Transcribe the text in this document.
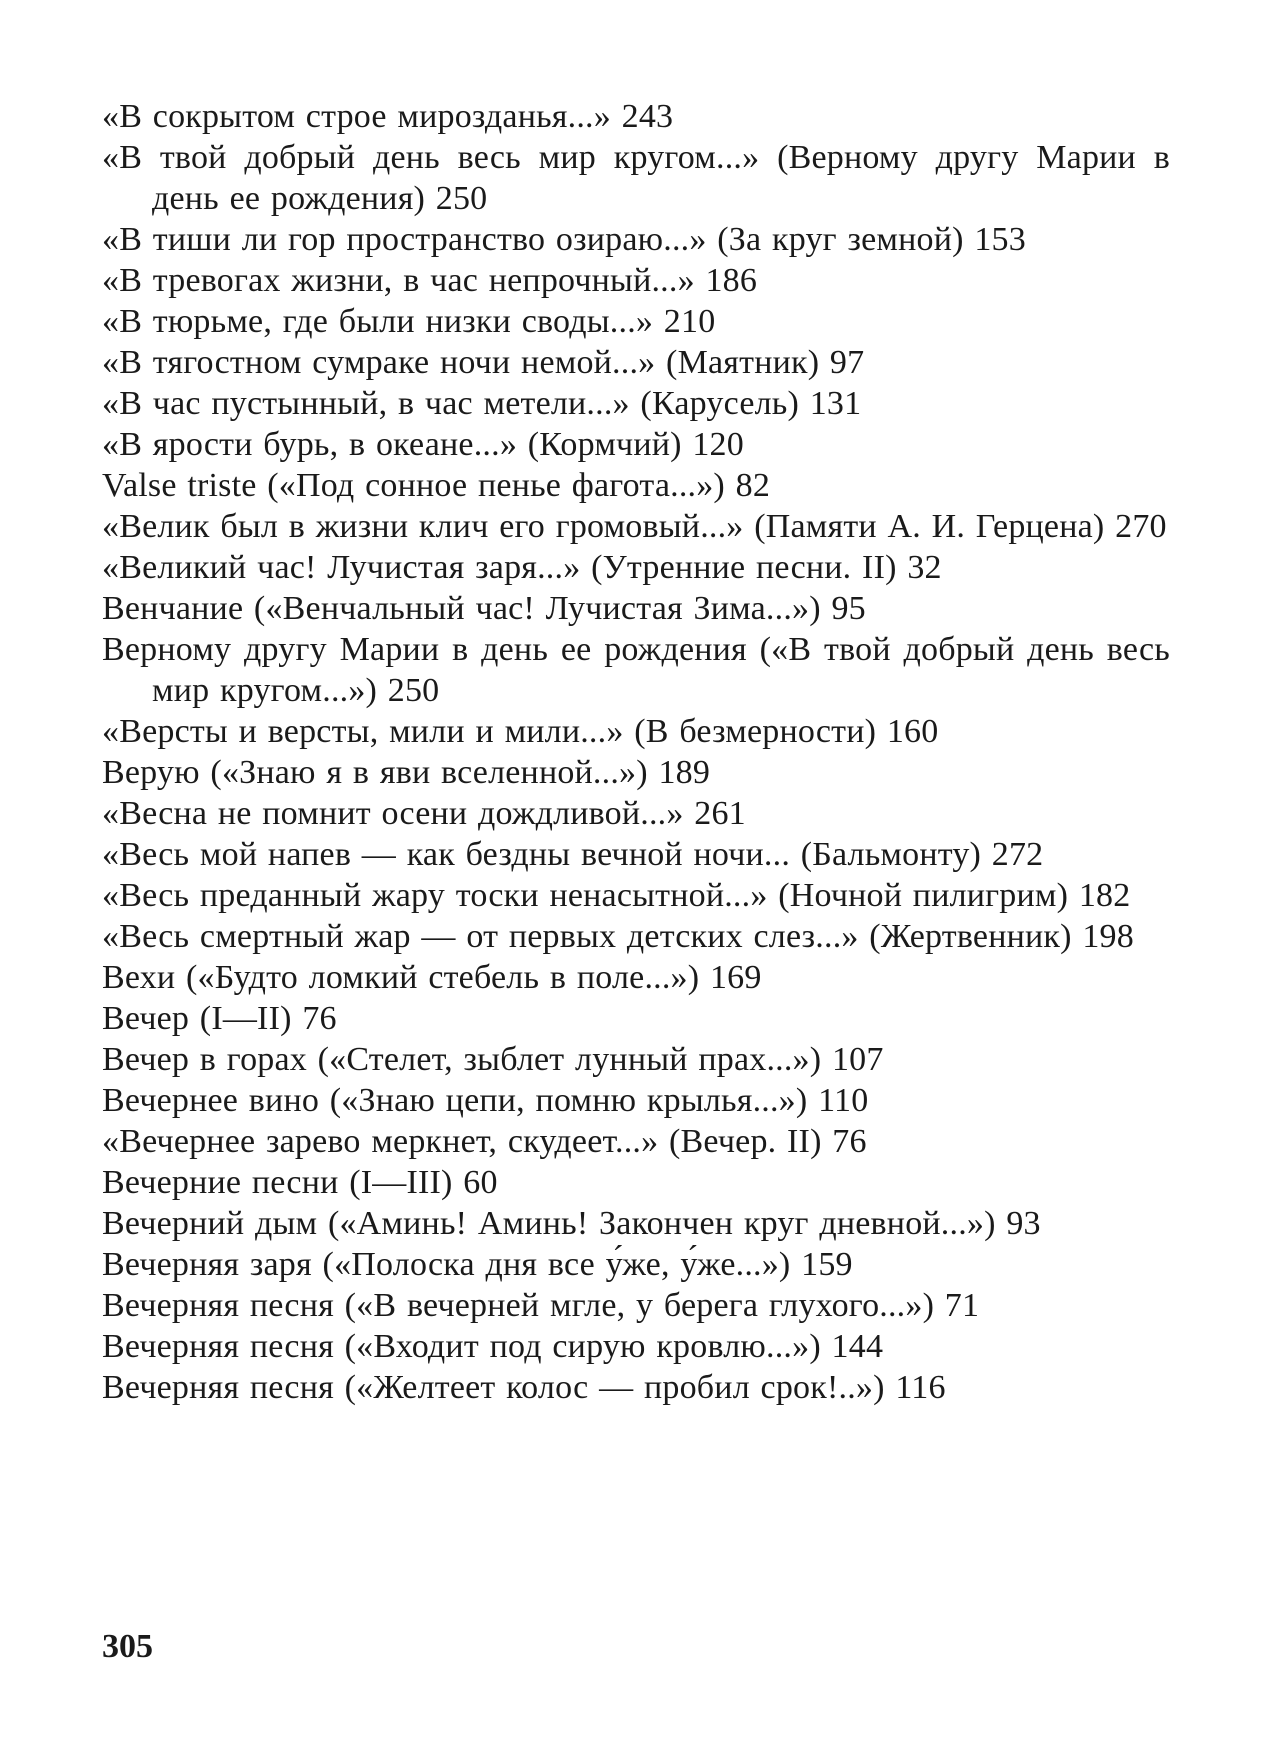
«В сокрытом строе мирозданья...» 243
«В твой добрый день весь мир кругом...» (Верному другу Марии в день ее рождения) 250
«В тиши ли гор пространство озираю...» (За круг земной) 153
«В тревогах жизни, в час непрочный...» 186
«В тюрьме, где были низки своды...» 210
«В тягостном сумраке ночи немой...» (Маятник) 97
«В час пустынный, в час метели...» (Карусель) 131
«В ярости бурь, в океане...» (Кормчий) 120
Valse triste («Под сонное пенье фагота...») 82
«Велик был в жизни клич его громовый...» (Памяти А. И. Герцена) 270
«Великий час! Лучистая заря...» (Утренние песни. II) 32
Венчание («Венчальный час! Лучистая Зима...») 95
Верному другу Марии в день ее рождения («В твой добрый день весь мир кругом...») 250
«Версты и версты, мили и мили...» (В безмерности) 160
Верую («Знаю я в яви вселенной...») 189
«Весна не помнит осени дождливой...» 261
«Весь мой напев — как бездны вечной ночи... (Бальмонту) 272
«Весь преданный жару тоски ненасытной...» (Ночной пилигрим) 182
«Весь смертный жар — от первых детских слез...» (Жертвенник) 198
Вехи («Будто ломкий стебель в поле...») 169
Вечер (I—II) 76
Вечер в горах («Стелет, зыблет лунный прах...») 107
Вечернее вино («Знаю цепи, помню крылья...») 110
«Вечернее зарево меркнет, скудеет...» (Вечер. II) 76
Вечерние песни (I—III) 60
Вечерний дым («Аминь! Аминь! Закончен круг дневной...») 93
Вечерняя заря («Полоска дня все у́же, у́же...») 159
Вечерняя песня («В вечерней мгле, у берега глухого...») 71
Вечерняя песня («Входит под сирую кровлю...») 144
Вечерняя песня («Желтеет колос — пробил срок!..») 116
305
